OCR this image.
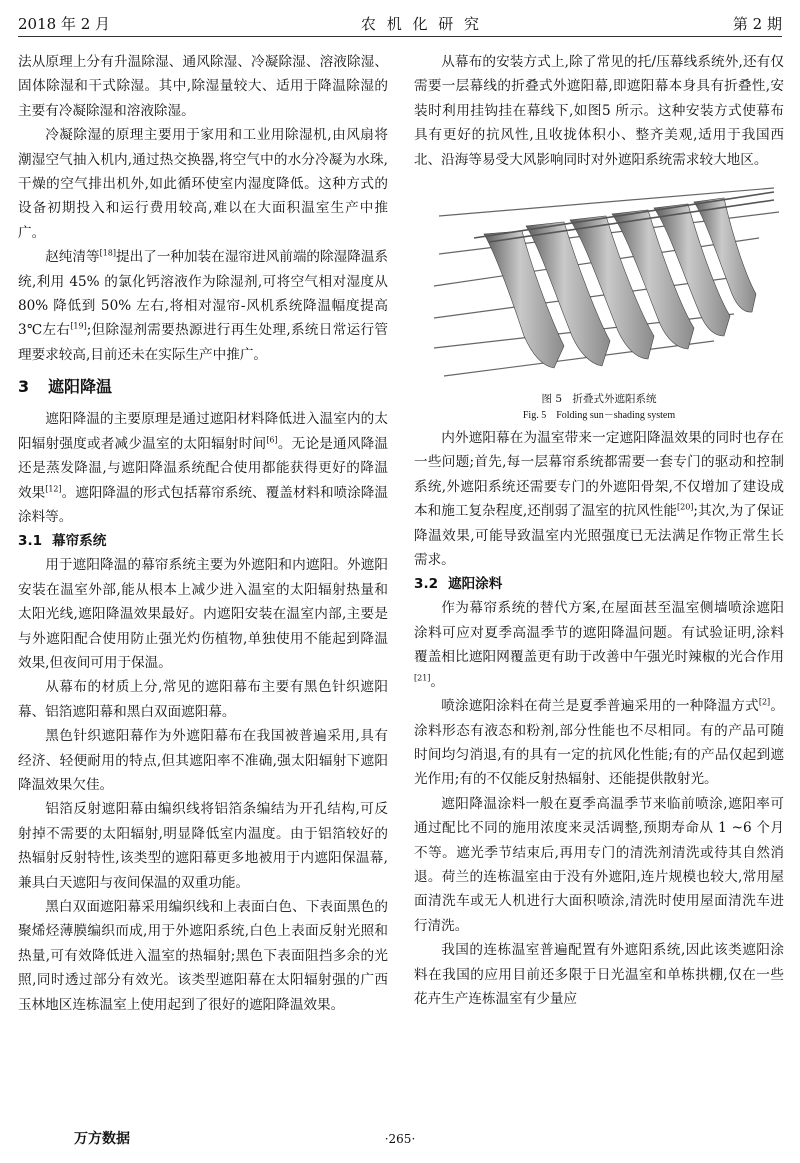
2018 年 2 月	农 机 化 研 究	第 2 期

法从原理上分有升温除湿、通风除湿、冷凝除湿、溶液除湿、固体除湿和干式除湿。其中,除湿量较大、适用于降温除湿的主要有冷凝除湿和溶液除湿。

冷凝除湿的原理主要用于家用和工业用除湿机,由风扇将潮湿空气抽入机内,通过热交换器,将空气中的水分冷凝为水珠,干燥的空气排出机外,如此循环使室内湿度降低。这种方式的设备初期投入和运行费用较高,难以在大面积温室生产中推广。

赵纯清等[18]提出了一种加装在湿帘进风前端的除湿降温系统,利用 45% 的氯化钙溶液作为除湿剂,可将空气相对湿度从 80% 降低到 50% 左右,将相对湿帘-风机系统降温幅度提高 3℃左右[19];但除湿剂需要热源进行再生处理,系统日常运行管理要求较高,目前还未在实际生产中推广。

3 遮阳降温

遮阳降温的主要原理是通过遮阳材料降低进入温室内的太阳辐射强度或者减少温室的太阳辐射时间[6]。无论是通风降温还是蒸发降温,与遮阳降温系统配合使用都能获得更好的降温效果[12]。遮阳降温的形式包括幕帘系统、覆盖材料和喷涂降温涂料等。

3.1 幕帘系统

用于遮阳降温的幕帘系统主要为外遮阳和内遮阳。外遮阳安装在温室外部,能从根本上减少进入温室的太阳辐射热量和太阳光线,遮阳降温效果最好。内遮阳安装在温室内部,主要是与外遮阳配合使用防止强光灼伤植物,单独使用不能起到降温效果,但夜间可用于保温。

从幕布的材质上分,常见的遮阳幕布主要有黑色针织遮阳幕、铝箔遮阳幕和黑白双面遮阳幕。

黑色针织遮阳幕作为外遮阳幕布在我国被普遍采用,具有经济、轻便耐用的特点,但其遮阳率不准确,强太阳辐射下遮阳降温效果欠佳。

铝箔反射遮阳幕由编织线将铝箔条编结为开孔结构,可反射掉不需要的太阳辐射,明显降低室内温度。由于铝箔较好的热辐射反射特性,该类型的遮阳幕更多地被用于内遮阳保温幕,兼具白天遮阳与夜间保温的双重功能。

黑白双面遮阳幕采用编织线和上表面白色、下表面黑色的聚烯烃薄膜编织而成,用于外遮阳系统,白色上表面反射光照和热量,可有效降低进入温室的热辐射;黑色下表面阻挡多余的光照,同时透过部分有效光。该类型遮阳幕在太阳辐射强的广西玉林地区连栋温室上使用起到了很好的遮阳降温效果。

从幕布的安装方式上,除了常见的托/压幕线系统外,还有仅需要一层幕线的折叠式外遮阳幕,即遮阳幕本身具有折叠性,安装时利用挂钩挂在幕线下,如图5 所示。这种安装方式使幕布具有更好的抗风性,且收拢体积小、整齐美观,适用于我国西北、沿海等易受大风影响同时对外遮阳系统需求较大地区。

图 5　折叠式外遮阳系统
Fig. 5　Folding sun－shading system

内外遮阳幕在为温室带来一定遮阳降温效果的同时也存在一些问题;首先,每一层幕帘系统都需要一套专门的驱动和控制系统,外遮阳系统还需要专门的外遮阳骨架,不仅增加了建设成本和施工复杂程度,还削弱了温室的抗风性能[20];其次,为了保证降温效果,可能导致温室内光照强度已无法满足作物正常生长需求。

3.2 遮阳涂料

作为幕帘系统的替代方案,在屋面甚至温室侧墙喷涂遮阳涂料可应对夏季高温季节的遮阳降温问题。有试验证明,涂料覆盖相比遮阳网覆盖更有助于改善中午强光时辣椒的光合作用[21]。

喷涂遮阳涂料在荷兰是夏季普遍采用的一种降温方式[2]。涂料形态有液态和粉剂,部分性能也不尽相同。有的产品可随时间均匀消退,有的具有一定的抗风化性能;有的产品仅起到遮光作用;有的不仅能反射热辐射、还能提供散射光。

遮阳降温涂料一般在夏季高温季节来临前喷涂,遮阳率可通过配比不同的施用浓度来灵活调整,预期寿命从 1 ~6 个月不等。遮光季节结束后,再用专门的清洗剂清洗或待其自然消退。荷兰的连栋温室由于没有外遮阳,连片规模也较大,常用屋面清洗车或无人机进行大面积喷涂,清洗时使用屋面清洗车进行清洗。

我国的连栋温室普遍配置有外遮阳系统,因此该类遮阳涂料在我国的应用目前还多限于日光温室和单栋拱棚,仅在一些花卉生产连栋温室有少量应

万方数据	·265·
